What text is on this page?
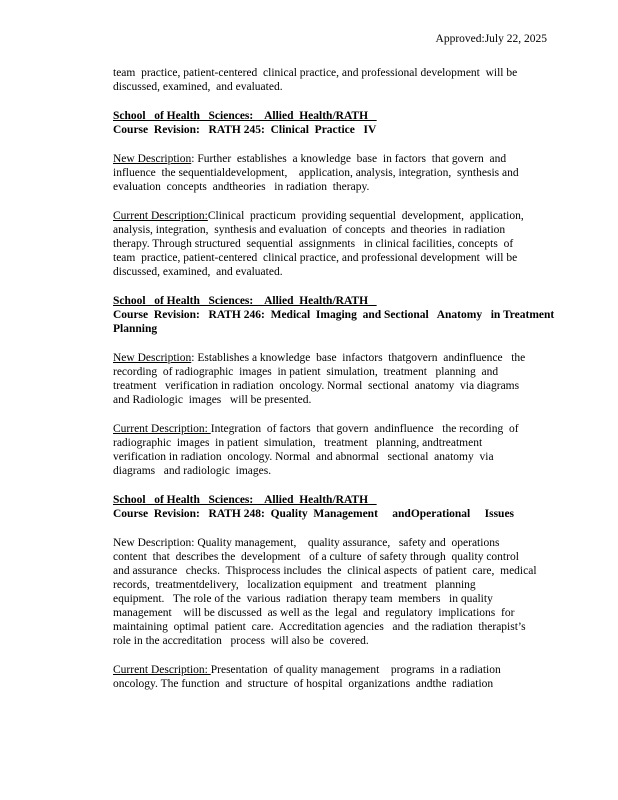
Approved:July 22, 2025
team  practice, patient-centered  clinical practice, and professional development  will be
discussed, examined,  and evaluated.
School   of Health   Sciences:    Allied  Health/RATH
Course  Revision:   RATH 245:  Clinical  Practice   IV
New Description: Further  establishes  a knowledge  base  in factors  that govern  and
influence  the sequentialdevelopment,    application, analysis, integration,  synthesis and
evaluation  concepts  andtheories   in radiation  therapy.
Current Description:Clinical  practicum  providing sequential  development,  application,
analysis, integration,  synthesis and evaluation  of concepts  and theories  in radiation
therapy. Through structured  sequential  assignments   in clinical facilities, concepts  of
team  practice, patient-centered  clinical practice, and professional development  will be
discussed, examined,  and evaluated.
School   of Health   Sciences:    Allied  Health/RATH
Course  Revision:   RATH 246:  Medical  Imaging  and Sectional   Anatomy   in Treatment
Planning
New Description: Establishes a knowledge  base  infactors  thatgovern  andinfluence   the
recording  of radiographic  images  in patient  simulation,  treatment   planning  and
treatment   verification in radiation  oncology. Normal  sectional  anatomy  via diagrams
and Radiologic  images   will be presented.
Current Description: Integration  of factors  that govern  andinfluence   the recording  of
radiographic  images  in patient  simulation,   treatment   planning, andtreatment
verification in radiation  oncology. Normal  and abnormal   sectional  anatomy  via
diagrams   and radiologic  images.
School   of Health   Sciences:    Allied  Health/RATH
Course  Revision:   RATH 248:  Quality  Management     andOperational     Issues
New Description: Quality management,    quality assurance,   safety and  operations
content  that  describes the  development   of a culture  of safety through  quality control
and assurance   checks.  Thisprocess includes  the  clinical aspects  of patient  care,  medical
records,  treatmentdelivery,   localization equipment   and  treatment   planning
equipment.   The role of the  various  radiation  therapy team  members   in quality
management    will be discussed  as well as the  legal  and  regulatory  implications  for
maintaining  optimal  patient  care.  Accreditation agencies   and  the radiation  therapist’s
role in the accreditation   process  will also be  covered.
Current Description: Presentation  of quality management    programs  in a radiation
oncology. The function  and  structure  of hospital  organizations  andthe  radiation
